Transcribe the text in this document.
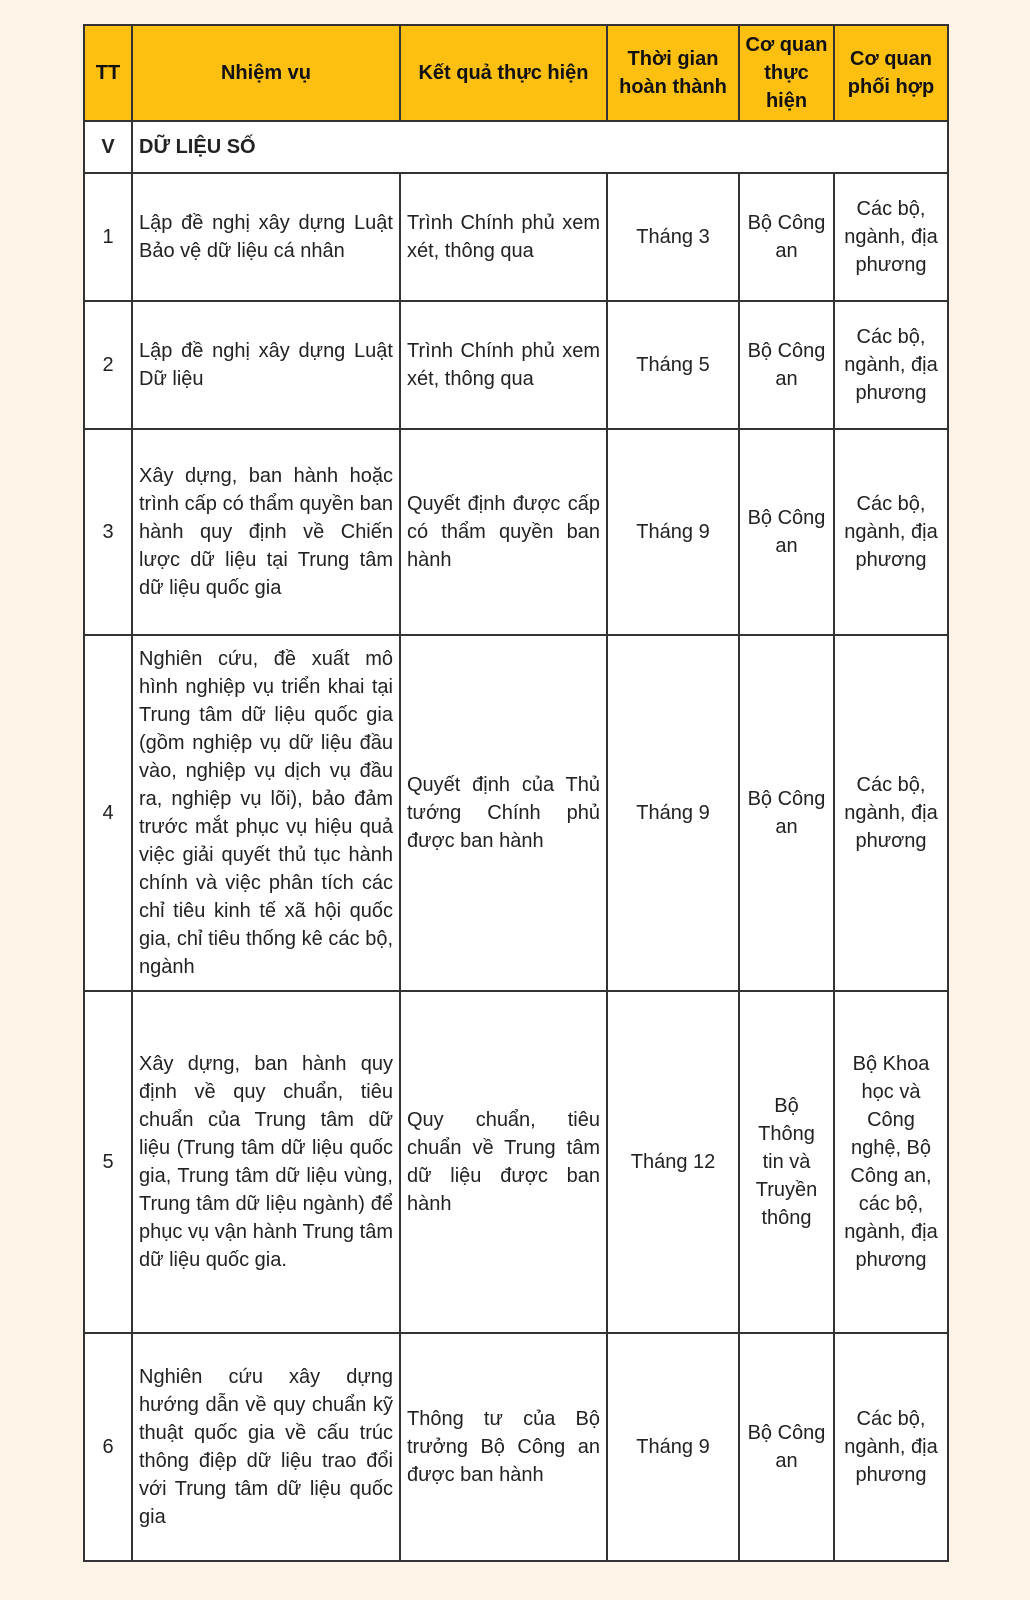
TT	Nhiệm vụ	Kết quả thực hiện	Thời gian hoàn thành	Cơ quan thực hiện	Cơ quan phối hợp
V	DỮ LIỆU SỐ				
1	Lập đề nghị xây dựng Luật Bảo vệ dữ liệu cá nhân	Trình Chính phủ xem xét, thông qua	Tháng 3	Bộ Công an	Các bộ, ngành, địa phương
2	Lập đề nghị xây dựng Luật Dữ liệu	Trình Chính phủ xem xét, thông qua	Tháng 5	Bộ Công an	Các bộ, ngành, địa phương
3	Xây dựng, ban hành hoặc trình cấp có thẩm quyền ban hành quy định về Chiến lược dữ liệu tại Trung tâm dữ liệu quốc gia	Quyết định được cấp có thẩm quyền ban hành	Tháng 9	Bộ Công an	Các bộ, ngành, địa phương
4	Nghiên cứu, đề xuất mô hình nghiệp vụ triển khai tại Trung tâm dữ liệu quốc gia (gồm nghiệp vụ dữ liệu đầu vào, nghiệp vụ dịch vụ đầu ra, nghiệp vụ lõi), bảo đảm trước mắt phục vụ hiệu quả việc giải quyết thủ tục hành chính và việc phân tích các chỉ tiêu kinh tế xã hội quốc gia, chỉ tiêu thống kê các bộ, ngành	Quyết định của Thủ tướng Chính phủ được ban hành	Tháng 9	Bộ Công an	Các bộ, ngành, địa phương
5	Xây dựng, ban hành quy định về quy chuẩn, tiêu chuẩn của Trung tâm dữ liệu (Trung tâm dữ liệu quốc gia, Trung tâm dữ liệu vùng, Trung tâm dữ liệu ngành) để phục vụ vận hành Trung tâm dữ liệu quốc gia.	Quy chuẩn, tiêu chuẩn về Trung tâm dữ liệu được ban hành	Tháng 12	Bộ Thông tin và Truyền thông	Bộ Khoa học và Công nghệ, Bộ Công an, các bộ, ngành, địa phương
6	Nghiên cứu xây dựng hướng dẫn về quy chuẩn kỹ thuật quốc gia về cấu trúc thông điệp dữ liệu trao đổi với Trung tâm dữ liệu quốc gia	Thông tư của Bộ trưởng Bộ Công an được ban hành	Tháng 9	Bộ Công an	Các bộ, ngành, địa phương
